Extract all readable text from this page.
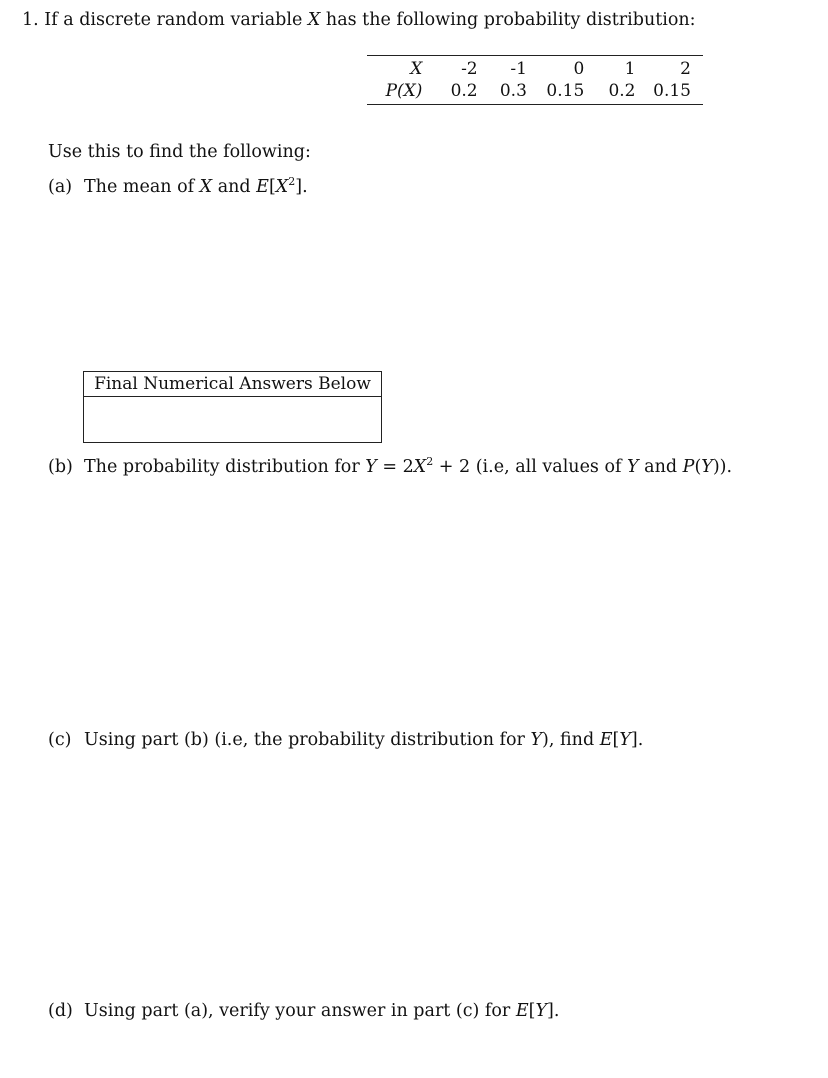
1. If a discrete random variable X has the following probability distribution:
X	-2	-1	0	1	2
P(X)	0.2	0.3	0.15	0.2	0.15
Use this to find the following:
(a) The mean of X and $E[X^2]$.
Final Numerical Answers Below
(b) The probability distribution for $Y = 2X^2 + 2$ (i.e, all values of Y and P(Y)).
(c) Using part (b) (i.e, the probability distribution for Y), find E[Y].
(d) Using part (a), verify your answer in part (c) for E[Y].
